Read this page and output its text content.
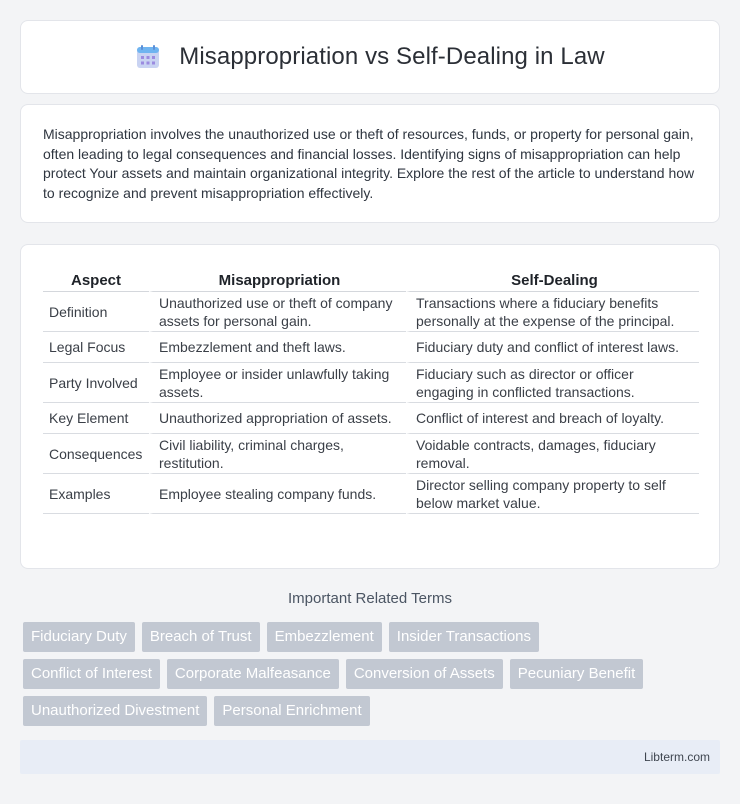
Misappropriation vs Self-Dealing in Law

Misappropriation involves the unauthorized use or theft of resources, funds, or property for personal gain, often leading to legal consequences and financial losses. Identifying signs of misappropriation can help protect Your assets and maintain organizational integrity. Explore the rest of the article to understand how to recognize and prevent misappropriation effectively.

Aspect	Misappropriation	Self-Dealing
Definition	Unauthorized use or theft of company assets for personal gain.	Transactions where a fiduciary benefits personally at the expense of the principal.
Legal Focus	Embezzlement and theft laws.	Fiduciary duty and conflict of interest laws.
Party Involved	Employee or insider unlawfully taking assets.	Fiduciary such as director or officer engaging in conflicted transactions.
Key Element	Unauthorized appropriation of assets.	Conflict of interest and breach of loyalty.
Consequences	Civil liability, criminal charges, restitution.	Voidable contracts, damages, fiduciary removal.
Examples	Employee stealing company funds.	Director selling company property to self below market value.
Important Related Terms
Fiduciary Duty	Breach of Trust	Embezzlement	Insider Transactions
Conflict of Interest	Corporate Malfeasance	Conversion of Assets	Pecuniary Benefit
Unauthorized Divestment	Personal Enrichment
Libterm.com
